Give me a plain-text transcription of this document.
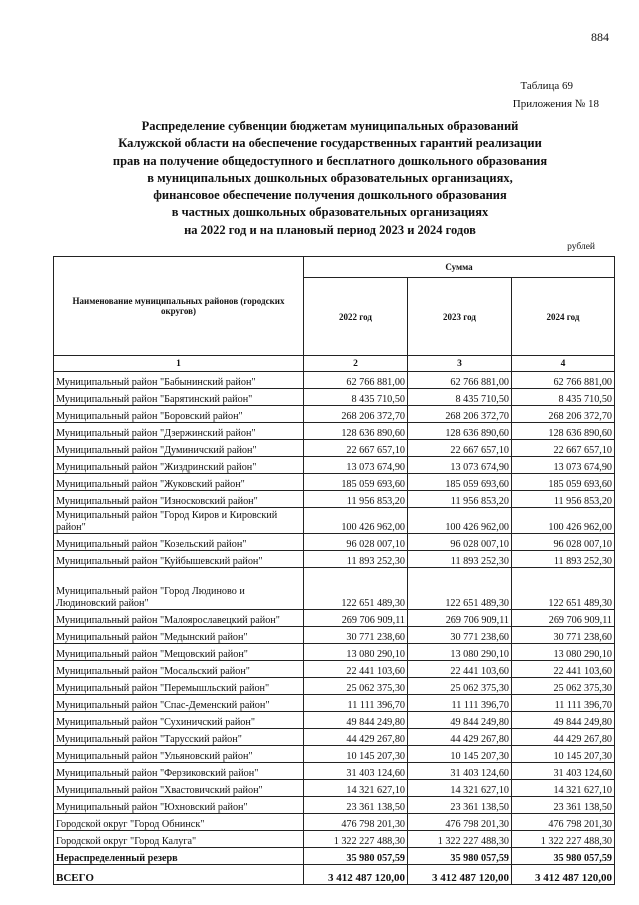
884
Таблица 69
Приложения № 18
Распределение субвенции бюджетам муниципальных образований
Калужской области на обеспечение государственных гарантий реализации
прав на получение общедоступного и бесплатного дошкольного образования
в муниципальных дошкольных образовательных организациях,
финансовое обеспечение получения дошкольного образования
в частных дошкольных образовательных организациях
на 2022 год и на плановый период 2023 и 2024 годов
рублей
Наименование муниципальных районов (городских округов)	Сумма		
	2022 год	2023 год	2024 год
1	2	3	4
Муниципальный район "Бабынинский район"	62 766 881,00	62 766 881,00	62 766 881,00
Муниципальный район "Барятинский район"	8 435 710,50	8 435 710,50	8 435 710,50
Муниципальный район "Боровский район"	268 206 372,70	268 206 372,70	268 206 372,70
Муниципальный район "Дзержинский район"	128 636 890,60	128 636 890,60	128 636 890,60
Муниципальный район "Думиничский район"	22 667 657,10	22 667 657,10	22 667 657,10
Муниципальный район "Жиздринский район"	13 073 674,90	13 073 674,90	13 073 674,90
Муниципальный район "Жуковский район"	185 059 693,60	185 059 693,60	185 059 693,60
Муниципальный район "Износковский район"	11 956 853,20	11 956 853,20	11 956 853,20
Муниципальный район "Город Киров и Кировский район"	100 426 962,00	100 426 962,00	100 426 962,00
Муниципальный район "Козельский район"	96 028 007,10	96 028 007,10	96 028 007,10
Муниципальный район "Куйбышевский район"	11 893 252,30	11 893 252,30	11 893 252,30
Муниципальный район "Город Людиново и Людиновский район"	122 651 489,30	122 651 489,30	122 651 489,30
Муниципальный район "Малоярославецкий район"	269 706 909,11	269 706 909,11	269 706 909,11
Муниципальный район "Медынский район"	30 771 238,60	30 771 238,60	30 771 238,60
Муниципальный район "Мещовский район"	13 080 290,10	13 080 290,10	13 080 290,10
Муниципальный район "Мосальский район"	22 441 103,60	22 441 103,60	22 441 103,60
Муниципальный район "Перемышльский район"	25 062 375,30	25 062 375,30	25 062 375,30
Муниципальный район "Спас-Деменский район"	11 111 396,70	11 111 396,70	11 111 396,70
Муниципальный район "Сухиничский район"	49 844 249,80	49 844 249,80	49 844 249,80
Муниципальный район "Тарусский район"	44 429 267,80	44 429 267,80	44 429 267,80
Муниципальный район "Ульяновский район"	10 145 207,30	10 145 207,30	10 145 207,30
Муниципальный район "Ферзиковский район"	31 403 124,60	31 403 124,60	31 403 124,60
Муниципальный район "Хвастовичский район"	14 321 627,10	14 321 627,10	14 321 627,10
Муниципальный район "Юхновский район"	23 361 138,50	23 361 138,50	23 361 138,50
Городской округ "Город Обнинск"	476 798 201,30	476 798 201,30	476 798 201,30
Городской округ "Город Калуга"	1 322 227 488,30	1 322 227 488,30	1 322 227 488,30
Нераспределенный резерв	35 980 057,59	35 980 057,59	35 980 057,59
ВСЕГО	3 412 487 120,00	3 412 487 120,00	3 412 487 120,00
